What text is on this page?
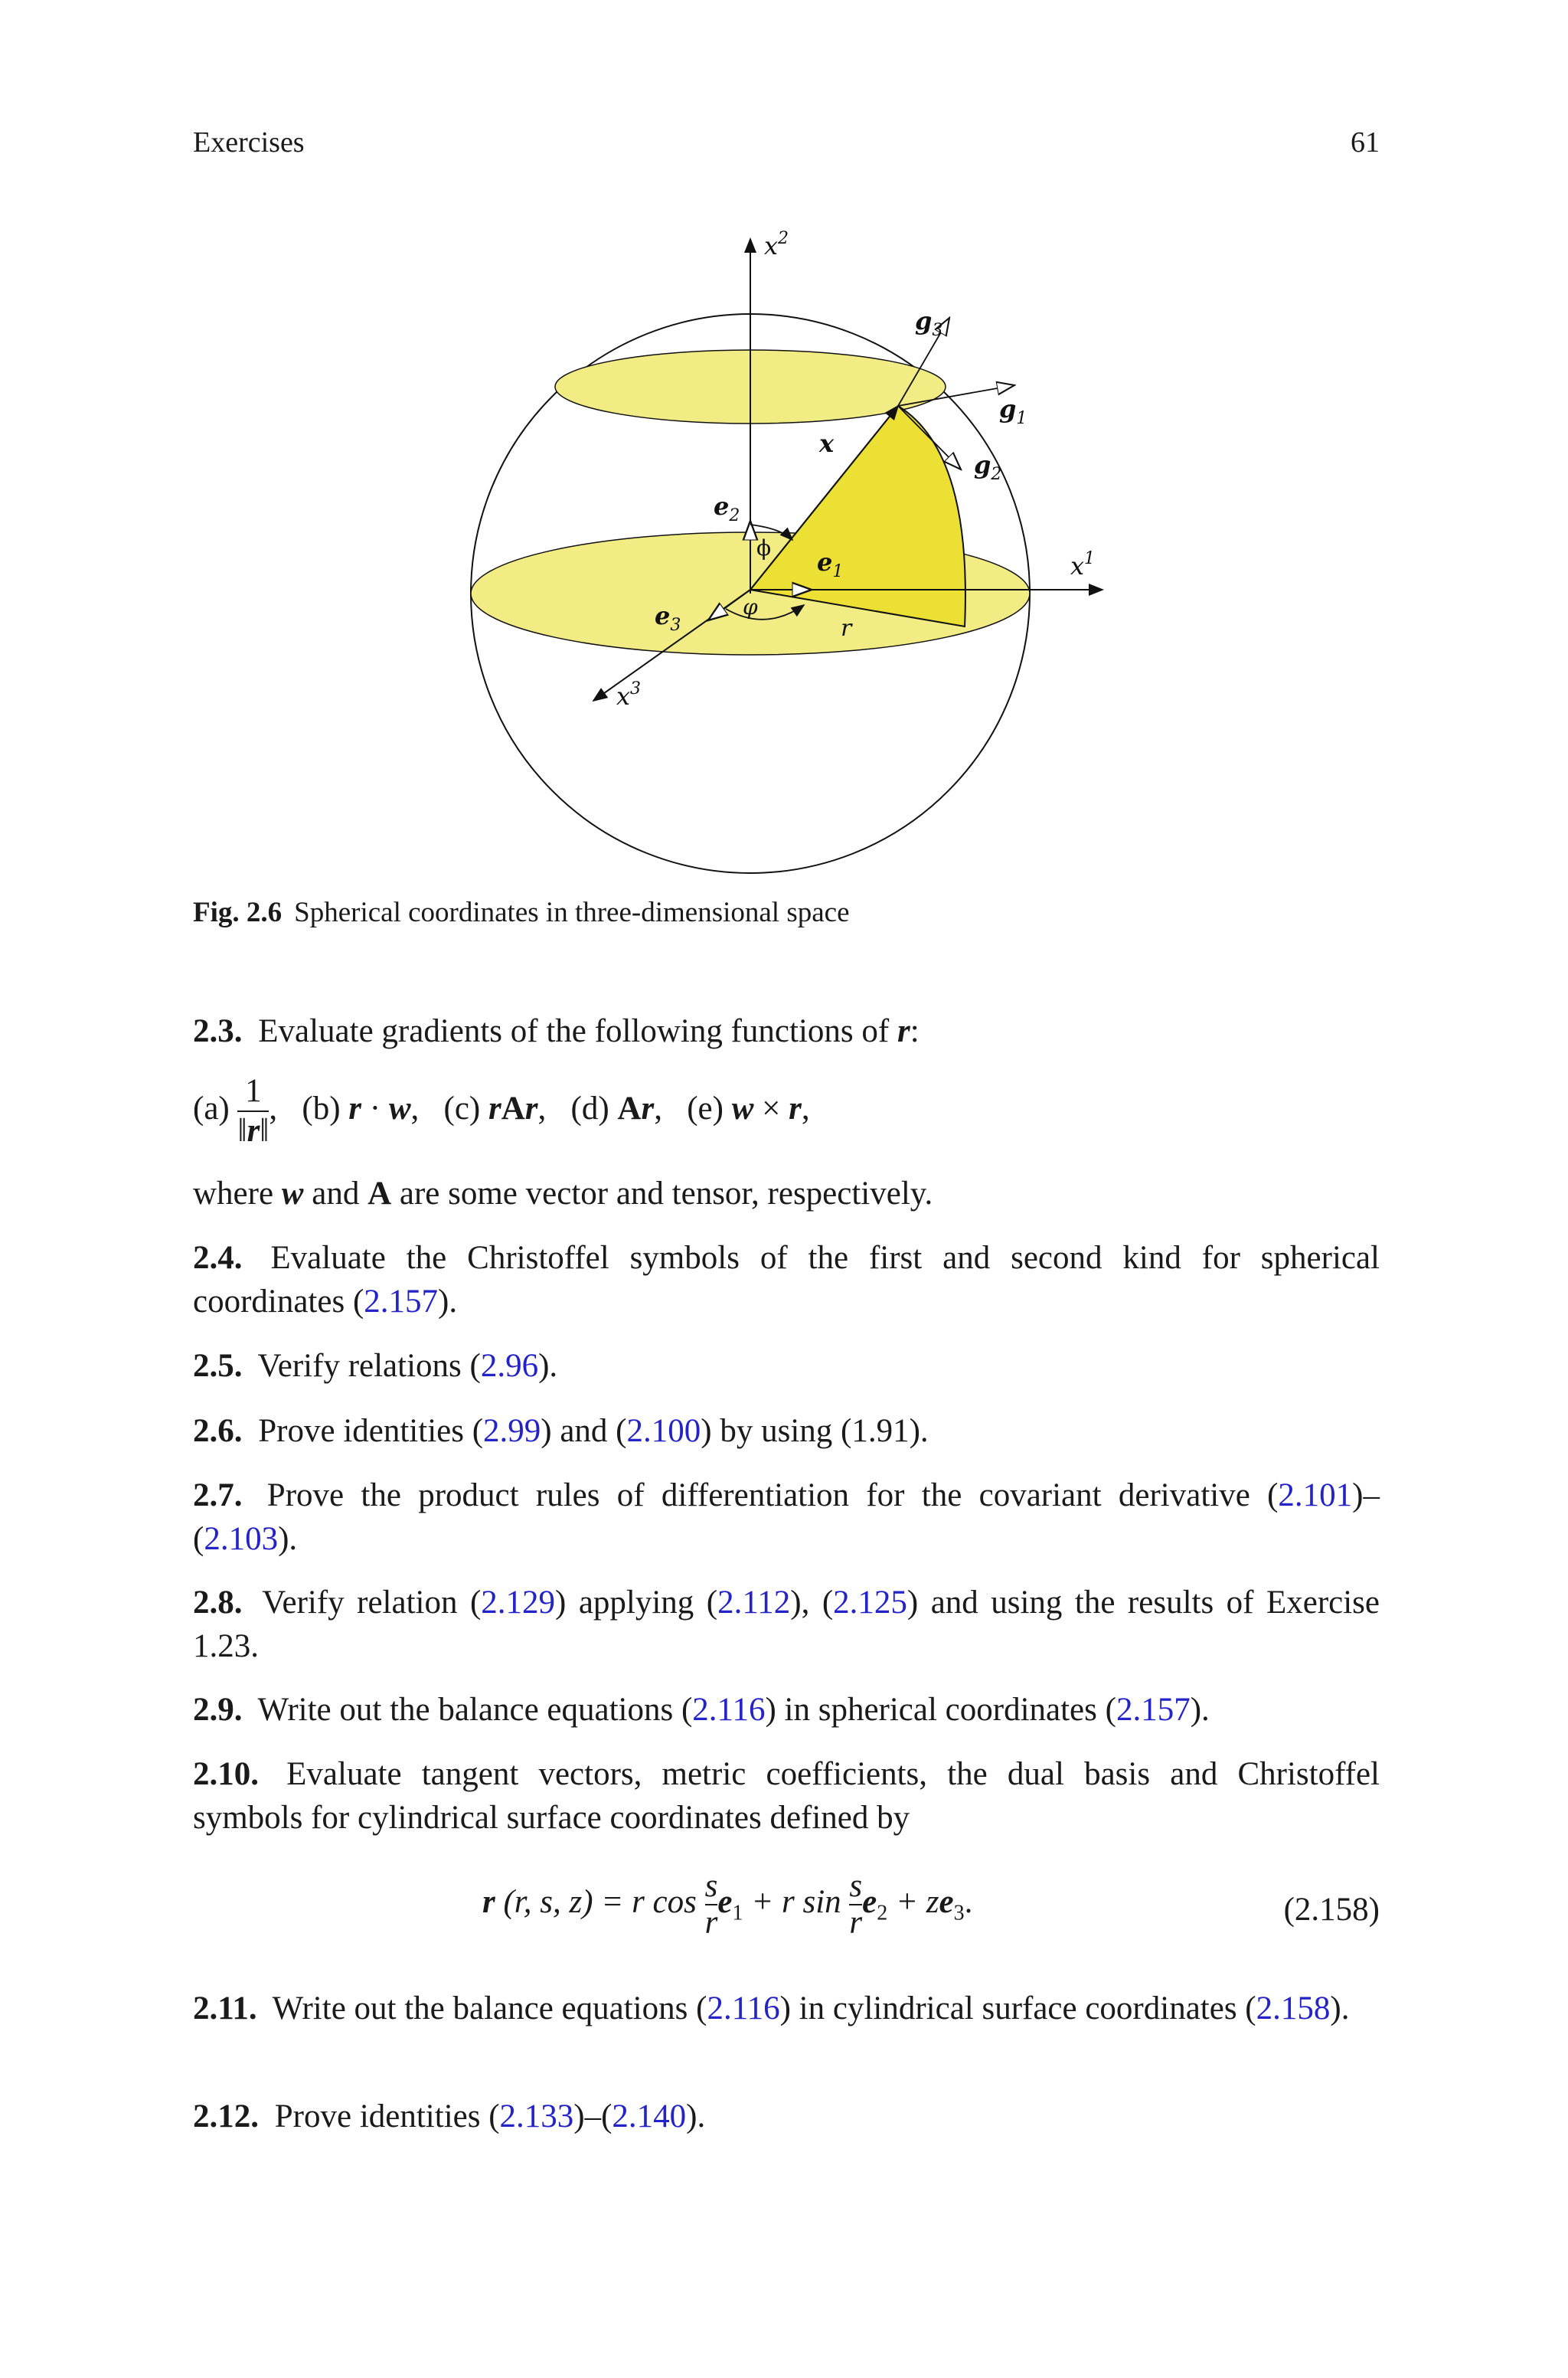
Exercises	61
$x^2$
$x^1$
$x^3$
$g_3$
$g_1$
$g_2$
x
$e_2$
$e_1$
$e_3$
ϕ
φ
r
Fig. 2.6 Spherical coordinates in three-dimensional space
2.3. Evaluate gradients of the following functions of r:
$(a) \frac{1}{‖r‖}$ , (b) r · w, (c) rAr, (d) Ar, (e) w × r,
where w and A are some vector and tensor, respectively.
2.4. Evaluate the Christoffel symbols of the first and second kind for spherical coordinates (2.157).
2.5. Verify relations (2.96).
2.6. Prove identities (2.99) and (2.100) by using (1.91).
2.7. Prove the product rules of differentiation for the covariant derivative (2.101)–(2.103).
2.8. Verify relation (2.129) applying (2.112), (2.125) and using the results of Exercise 1.23.
2.9. Write out the balance equations (2.116) in spherical coordinates (2.157).
2.10. Evaluate tangent vectors, metric coefficients, the dual basis and Christoffel symbols for cylindrical surface coordinates defined by
r (r, s, z) = r $\cos \frac{s}{r} e_1 + r$ $\sin \frac{s}{r} e_2 + ze_3$.	(2.158)
2.11. Write out the balance equations (2.116) in cylindrical surface coordinates (2.158).
2.12. Prove identities (2.133)–(2.140).
